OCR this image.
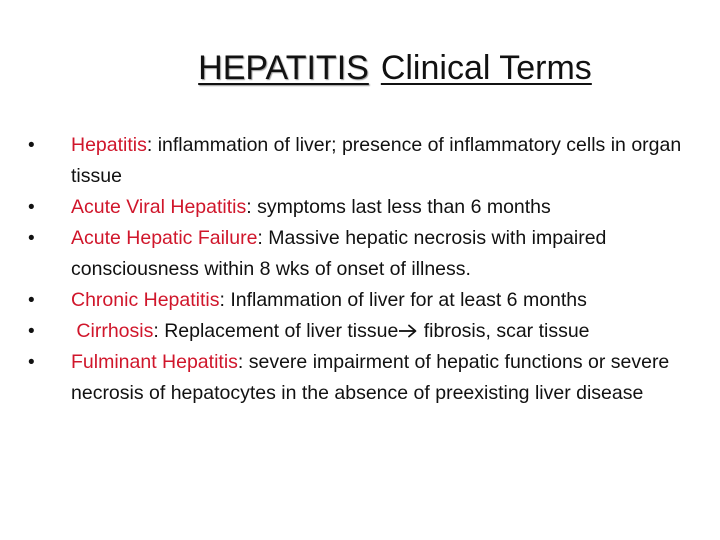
HEPATITIS Clinical Terms
•	Hepatitis: inflammation of liver; presence of inflammatory cells in organ tissue
•	Acute Viral Hepatitis: symptoms last less than 6 months
•	Acute Hepatic Failure: Massive hepatic necrosis with impaired consciousness within 8 wks of onset of illness.
•	Chronic Hepatitis: Inflammation of liver for at least 6 months
•	Cirrhosis: Replacement of liver tissue fibrosis, scar tissue
•	Fulminant Hepatitis: severe impairment of hepatic functions or severe necrosis of hepatocytes in the absence of preexisting liver disease
